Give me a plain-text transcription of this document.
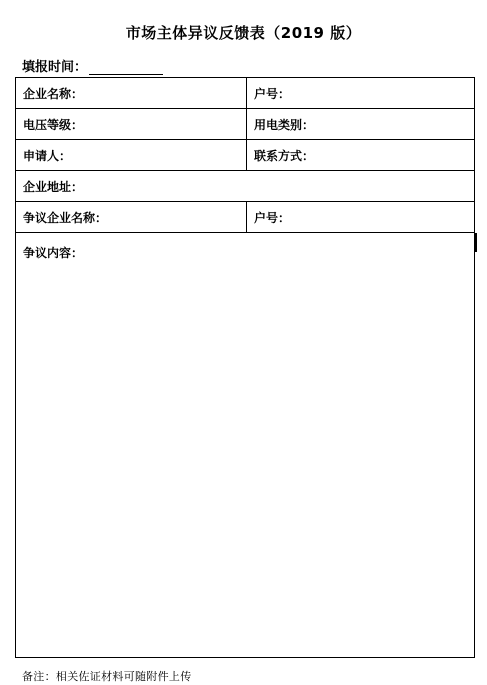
市场主体异议反馈表（2019 版）
填报时间：
企业名称：	户号：
电压等级：	用电类别：
申请人：	联系方式：
企业地址：
争议企业名称：	户号：
争议内容：
备注：相关佐证材料可随附件上传
